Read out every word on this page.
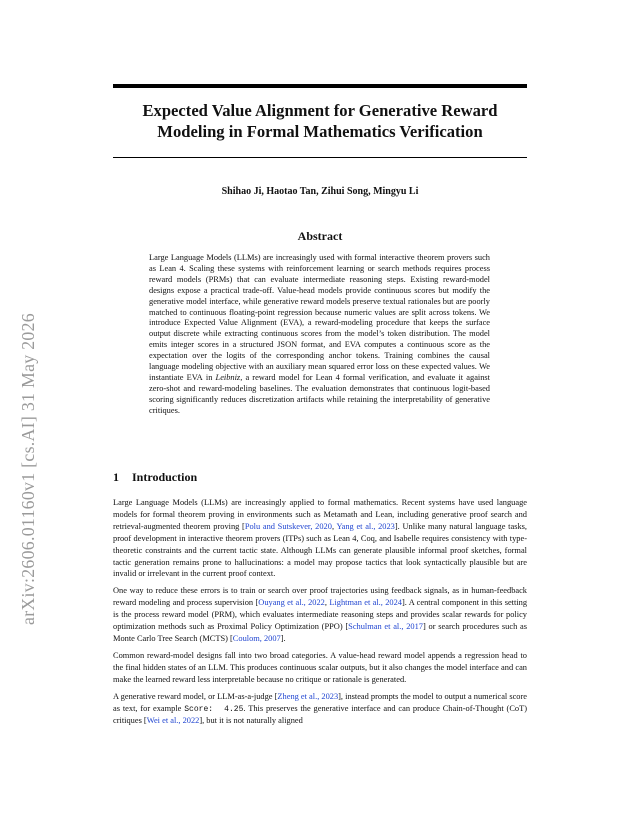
arXiv:2606.01160v1 [cs.AI] 31 May 2026
Expected Value Alignment for Generative Reward
Modeling in Formal Mathematics Verification
Shihao Ji, Haotao Tan, Zihui Song, Mingyu Li
Abstract
Large Language Models (LLMs) are increasingly used with formal interactive theorem provers such as Lean 4. Scaling these systems with reinforcement learning or search methods requires process reward models (PRMs) that can evaluate intermediate reasoning steps. Existing reward-model designs expose a practical trade-off. Value-head models provide continuous scores but modify the generative model interface, while generative reward models preserve textual rationales but are poorly matched to continuous floating-point regression because numeric values are split across tokens. We introduce Expected Value Alignment (EVA), a reward-modeling procedure that keeps the surface output discrete while extracting continuous scores from the model’s token distribution. The model emits integer scores in a structured JSON format, and EVA computes a continuous score as the expectation over the logits of the corresponding anchor tokens. Training combines the causal language modeling objective with an auxiliary mean squared error loss on these expected values. We instantiate EVA in Leibniz, a reward model for Lean 4 formal verification, and evaluate it against zero-shot and reward-modeling baselines. The evaluation demonstrates that continuous logit-based scoring significantly reduces discretization artifacts while retaining the interpretability of generative critiques.
1 Introduction

Large Language Models (LLMs) are increasingly applied to formal mathematics. Recent systems have used language models for formal theorem proving in environments such as Metamath and Lean, including generative proof search and retrieval-augmented theorem proving [Polu and Sutskever, 2020, Yang et al., 2023]. Unlike many natural language tasks, proof development in interactive theorem provers (ITPs) such as Lean 4, Coq, and Isabelle requires consistency with type-theoretic constraints and the current tactic state. Although LLMs can generate plausible informal proof sketches, formal tactic generation remains prone to hallucinations: a model may propose tactics that look syntactically plausible but are invalid or irrelevant in the current proof context.

One way to reduce these errors is to train or search over proof trajectories using feedback signals, as in human-feedback reward modeling and process supervision [Ouyang et al., 2022, Lightman et al., 2024]. A central component in this setting is the process reward model (PRM), which evaluates intermediate reasoning steps and provides scalar rewards for policy optimization methods such as Proximal Policy Optimization (PPO) [Schulman et al., 2017] or search procedures such as Monte Carlo Tree Search (MCTS) [Coulom, 2007].

Common reward-model designs fall into two broad categories. A value-head reward model appends a regression head to the final hidden states of an LLM. This produces continuous scalar outputs, but it also changes the model interface and can make the learned reward less interpretable because no critique or rationale is generated.

A generative reward model, or LLM-as-a-judge [Zheng et al., 2023], instead prompts the model to output a numerical score as text, for example Score:  4.25. This preserves the generative interface and can produce Chain-of-Thought (CoT) critiques [Wei et al., 2022], but it is not naturally aligned
